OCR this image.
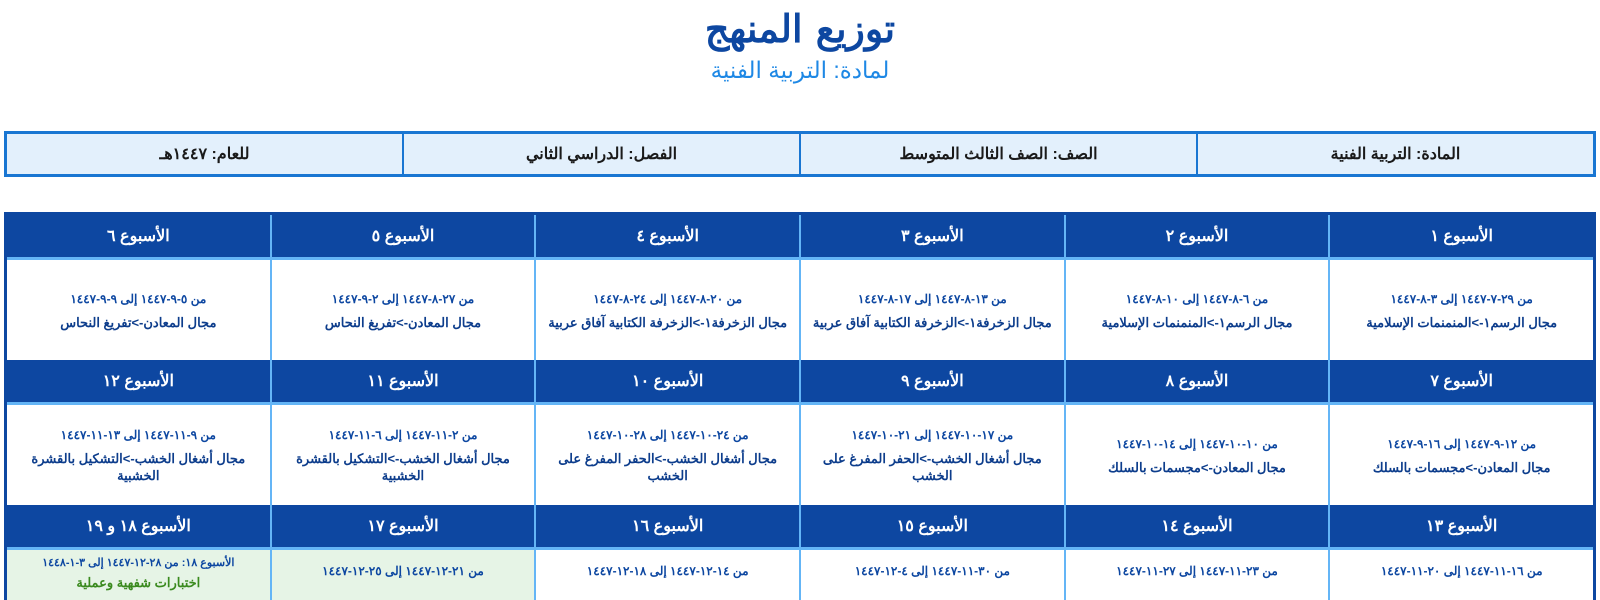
توزيع المنهج
لمادة: التربية الفنية
المادة: التربية الفنية
الصف: الصف الثالث المتوسط
الفصل: الدراسي الثاني
للعام: ١٤٤٧هـ
الأسبوع ١
الأسبوع ٢
الأسبوع ٣
الأسبوع ٤
الأسبوع ٥
الأسبوع ٦
من ٢٩-٧-١٤٤٧ إلى ٣-٨-١٤٤٧
مجال الرسم١->المنمنمات الإسلامية
من ٦-٨-١٤٤٧ إلى ١٠-٨-١٤٤٧
مجال الرسم١->المنمنمات الإسلامية
من ١٣-٨-١٤٤٧ إلى ١٧-٨-١٤٤٧
مجال الزخرفة١->الزخرفة الكتابية آفاق عربية
من ٢٠-٨-١٤٤٧ إلى ٢٤-٨-١٤٤٧
مجال الزخرفة١->الزخرفة الكتابية آفاق عربية
من ٢٧-٨-١٤٤٧ إلى ٢-٩-١٤٤٧
مجال المعادن->تفريغ النحاس
من ٥-٩-١٤٤٧ إلى ٩-٩-١٤٤٧
مجال المعادن->تفريغ النحاس
الأسبوع ٧
الأسبوع ٨
الأسبوع ٩
الأسبوع ١٠
الأسبوع ١١
الأسبوع ١٢
من ١٢-٩-١٤٤٧ إلى ١٦-٩-١٤٤٧
مجال المعادن->مجسمات بالسلك
من ١٠-١٠-١٤٤٧ إلى ١٤-١٠-١٤٤٧
مجال المعادن->مجسمات بالسلك
من ١٧-١٠-١٤٤٧ إلى ٢١-١٠-١٤٤٧
مجال أشغال الخشب->الحفر المفرغ على الخشب
من ٢٤-١٠-١٤٤٧ إلى ٢٨-١٠-١٤٤٧
مجال أشغال الخشب->الحفر المفرغ على الخشب
من ٢-١١-١٤٤٧ إلى ٦-١١-١٤٤٧
مجال أشغال الخشب->التشكيل بالقشرة الخشبية
من ٩-١١-١٤٤٧ إلى ١٣-١١-١٤٤٧
مجال أشغال الخشب->التشكيل بالقشرة الخشبية
الأسبوع ١٣
الأسبوع ١٤
الأسبوع ١٥
الأسبوع ١٦
الأسبوع ١٧
الأسبوع ١٨ و ١٩
من ١٦-١١-١٤٤٧ إلى ٢٠-١١-١٤٤٧
من ٢٣-١١-١٤٤٧ إلى ٢٧-١١-١٤٤٧
من ٣٠-١١-١٤٤٧ إلى ٤-١٢-١٤٤٧
من ١٤-١٢-١٤٤٧ إلى ١٨-١٢-١٤٤٧
من ٢١-١٢-١٤٤٧ إلى ٢٥-١٢-١٤٤٧
الأسبوع ١٨: من ٢٨-١٢-١٤٤٧ إلى ٣-١-١٤٤٨
اختبارات شفهية وعملية
